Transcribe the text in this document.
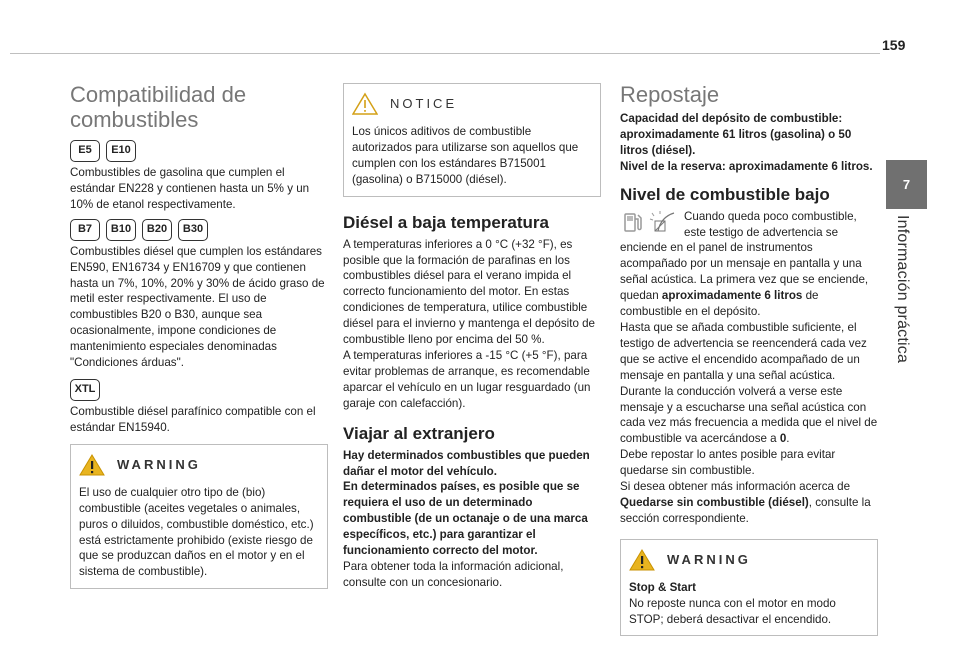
159
7
Información práctica
Compatibilidad de combustibles
E5	E10

Combustibles de gasolina que cumplen el estándar EN228 y contienen hasta un 5% y un 10% de etanol respectivamente.

B7	B10	B20	B30

Combustibles diésel que cumplen los estándares EN590, EN16734 y EN16709 y que contienen hasta un 7%, 10%, 20% y 30% de ácido graso de metil ester respectivamente. El uso de combustibles B20 o B30, aunque sea ocasionalmente, impone condiciones de mantenimiento especiales denominadas "Condiciones árduas".

XTL

Combustible diésel parafínico compatible con el estándar EN15940.

WARNING

El uso de cualquier otro tipo de (bio) combustible (aceites vegetales o animales, puros o diluidos, combustible doméstico, etc.) está estrictamente prohibido (existe riesgo de que se produzcan daños en el motor y en el sistema de combustible).

NOTICE

Los únicos aditivos de combustible autorizados para utilizarse son aquellos que cumplen con los estándares B715001 (gasolina) o B715000 (diésel).

Diésel a baja temperatura

A temperaturas inferiores a 0 °C (+32 °F), es posible que la formación de parafinas en los combustibles diésel para el verano impida el correcto funcionamiento del motor. En estas condiciones de temperatura, utilice combustible diésel para el invierno y mantenga el depósito de combustible lleno por encima del 50 %.

A temperaturas inferiores a -15 °C (+5 °F), para evitar problemas de arranque, es recomendable aparcar el vehículo en un lugar resguardado (un garaje con calefacción).

Viajar al extranjero

Hay determinados combustibles que pueden dañar el motor del vehículo.

En determinados países, es posible que se requiera el uso de un determinado combustible (de un octanaje o de una marca específicos, etc.) para garantizar el funcionamiento correcto del motor.

Para obtener toda la información adicional, consulte con un concesionario.

Repostaje

Capacidad del depósito de combustible: aproximadamente 61 litros (gasolina) o 50 litros (diésel).

Nivel de la reserva: aproximadamente 6 litros.

Nivel de combustible bajo

Cuando queda poco combustible, este testigo de advertencia se enciende en el panel de instrumentos acompañado por un mensaje en pantalla y una señal acústica. La primera vez que se enciende, quedan aproximadamente 6 litros de combustible en el depósito.

Hasta que se añada combustible suficiente, el testigo de advertencia se reencenderá cada vez que se active el encendido acompañado de un mensaje en pantalla y una señal acústica. Durante la conducción volverá a verse este mensaje y a escucharse una señal acústica con cada vez más frecuencia a medida que el nivel de combustible va acercándose a 0.

Debe repostar lo antes posible para evitar quedarse sin combustible.

Si desea obtener más información acerca de Quedarse sin combustible (diésel), consulte la sección correspondiente.

WARNING

Stop & Start

No reposte nunca con el motor en modo STOP; deberá desactivar el encendido.
